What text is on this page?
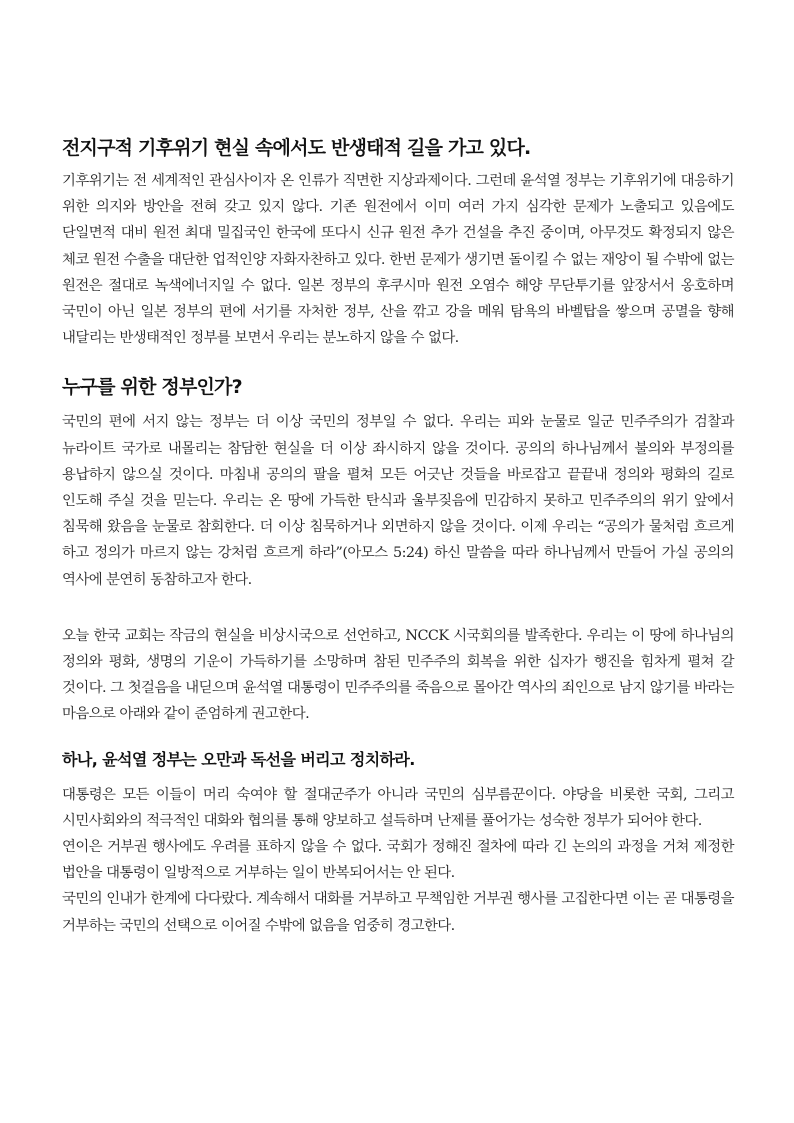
전지구적 기후위기 현실 속에서도 반생태적 길을 가고 있다.

기후위기는 전 세계적인 관심사이자 온 인류가 직면한 지상과제이다. 그런데 윤석열 정부는 기후위기에 대응하기 위한 의지와 방안을 전혀 갖고 있지 않다. 기존 원전에서 이미 여러 가지 심각한 문제가 노출되고 있음에도 단일면적 대비 원전 최대 밀집국인 한국에 또다시 신규 원전 추가 건설을 추진 중이며, 아무것도 확정되지 않은 체코 원전 수출을 대단한 업적인양 자화자찬하고 있다. 한번 문제가 생기면 돌이킬 수 없는 재앙이 될 수밖에 없는 원전은 절대로 녹색에너지일 수 없다. 일본 정부의 후쿠시마 원전 오염수 해양 무단투기를 앞장서서 옹호하며 국민이 아닌 일본 정부의 편에 서기를 자처한 정부, 산을 깎고 강을 메워 탐욕의 바벨탑을 쌓으며 공멸을 향해 내달리는 반생태적인 정부를 보면서 우리는 분노하지 않을 수 없다.

누구를 위한 정부인가?

국민의 편에 서지 않는 정부는 더 이상 국민의 정부일 수 없다. 우리는 피와 눈물로 일군 민주주의가 검찰과 뉴라이트 국가로 내몰리는 참담한 현실을 더 이상 좌시하지 않을 것이다. 공의의 하나님께서 불의와 부정의를 용납하지 않으실 것이다. 마침내 공의의 팔을 펼쳐 모든 어긋난 것들을 바로잡고 끝끝내 정의와 평화의 길로 인도해 주실 것을 믿는다. 우리는 온 땅에 가득한 탄식과 울부짖음에 민감하지 못하고 민주주의의 위기 앞에서 침묵해 왔음을 눈물로 참회한다. 더 이상 침묵하거나 외면하지 않을 것이다. 이제 우리는 “공의가 물처럼 흐르게 하고 정의가 마르지 않는 강처럼 흐르게 하라”(아모스 5:24) 하신 말씀을 따라 하나님께서 만들어 가실 공의의 역사에 분연히 동참하고자 한다.

오늘 한국 교회는 작금의 현실을 비상시국으로 선언하고, NCCK 시국회의를 발족한다. 우리는 이 땅에 하나님의 정의와 평화, 생명의 기운이 가득하기를 소망하며 참된 민주주의 회복을 위한 십자가 행진을 힘차게 펼쳐 갈 것이다. 그 첫걸음을 내딛으며 윤석열 대통령이 민주주의를 죽음으로 몰아간 역사의 죄인으로 남지 않기를 바라는 마음으로 아래와 같이 준엄하게 권고한다.

하나, 윤석열 정부는 오만과 독선을 버리고 정치하라.

대통령은 모든 이들이 머리 숙여야 할 절대군주가 아니라 국민의 심부름꾼이다. 야당을 비롯한 국회, 그리고 시민사회와의 적극적인 대화와 협의를 통해 양보하고 설득하며 난제를 풀어가는 성숙한 정부가 되어야 한다.

연이은 거부권 행사에도 우려를 표하지 않을 수 없다. 국회가 정해진 절차에 따라 긴 논의의 과정을 거쳐 제정한 법안을 대통령이 일방적으로 거부하는 일이 반복되어서는 안 된다.

국민의 인내가 한계에 다다랐다. 계속해서 대화를 거부하고 무책임한 거부권 행사를 고집한다면 이는 곧 대통령을 거부하는 국민의 선택으로 이어질 수밖에 없음을 엄중히 경고한다.
